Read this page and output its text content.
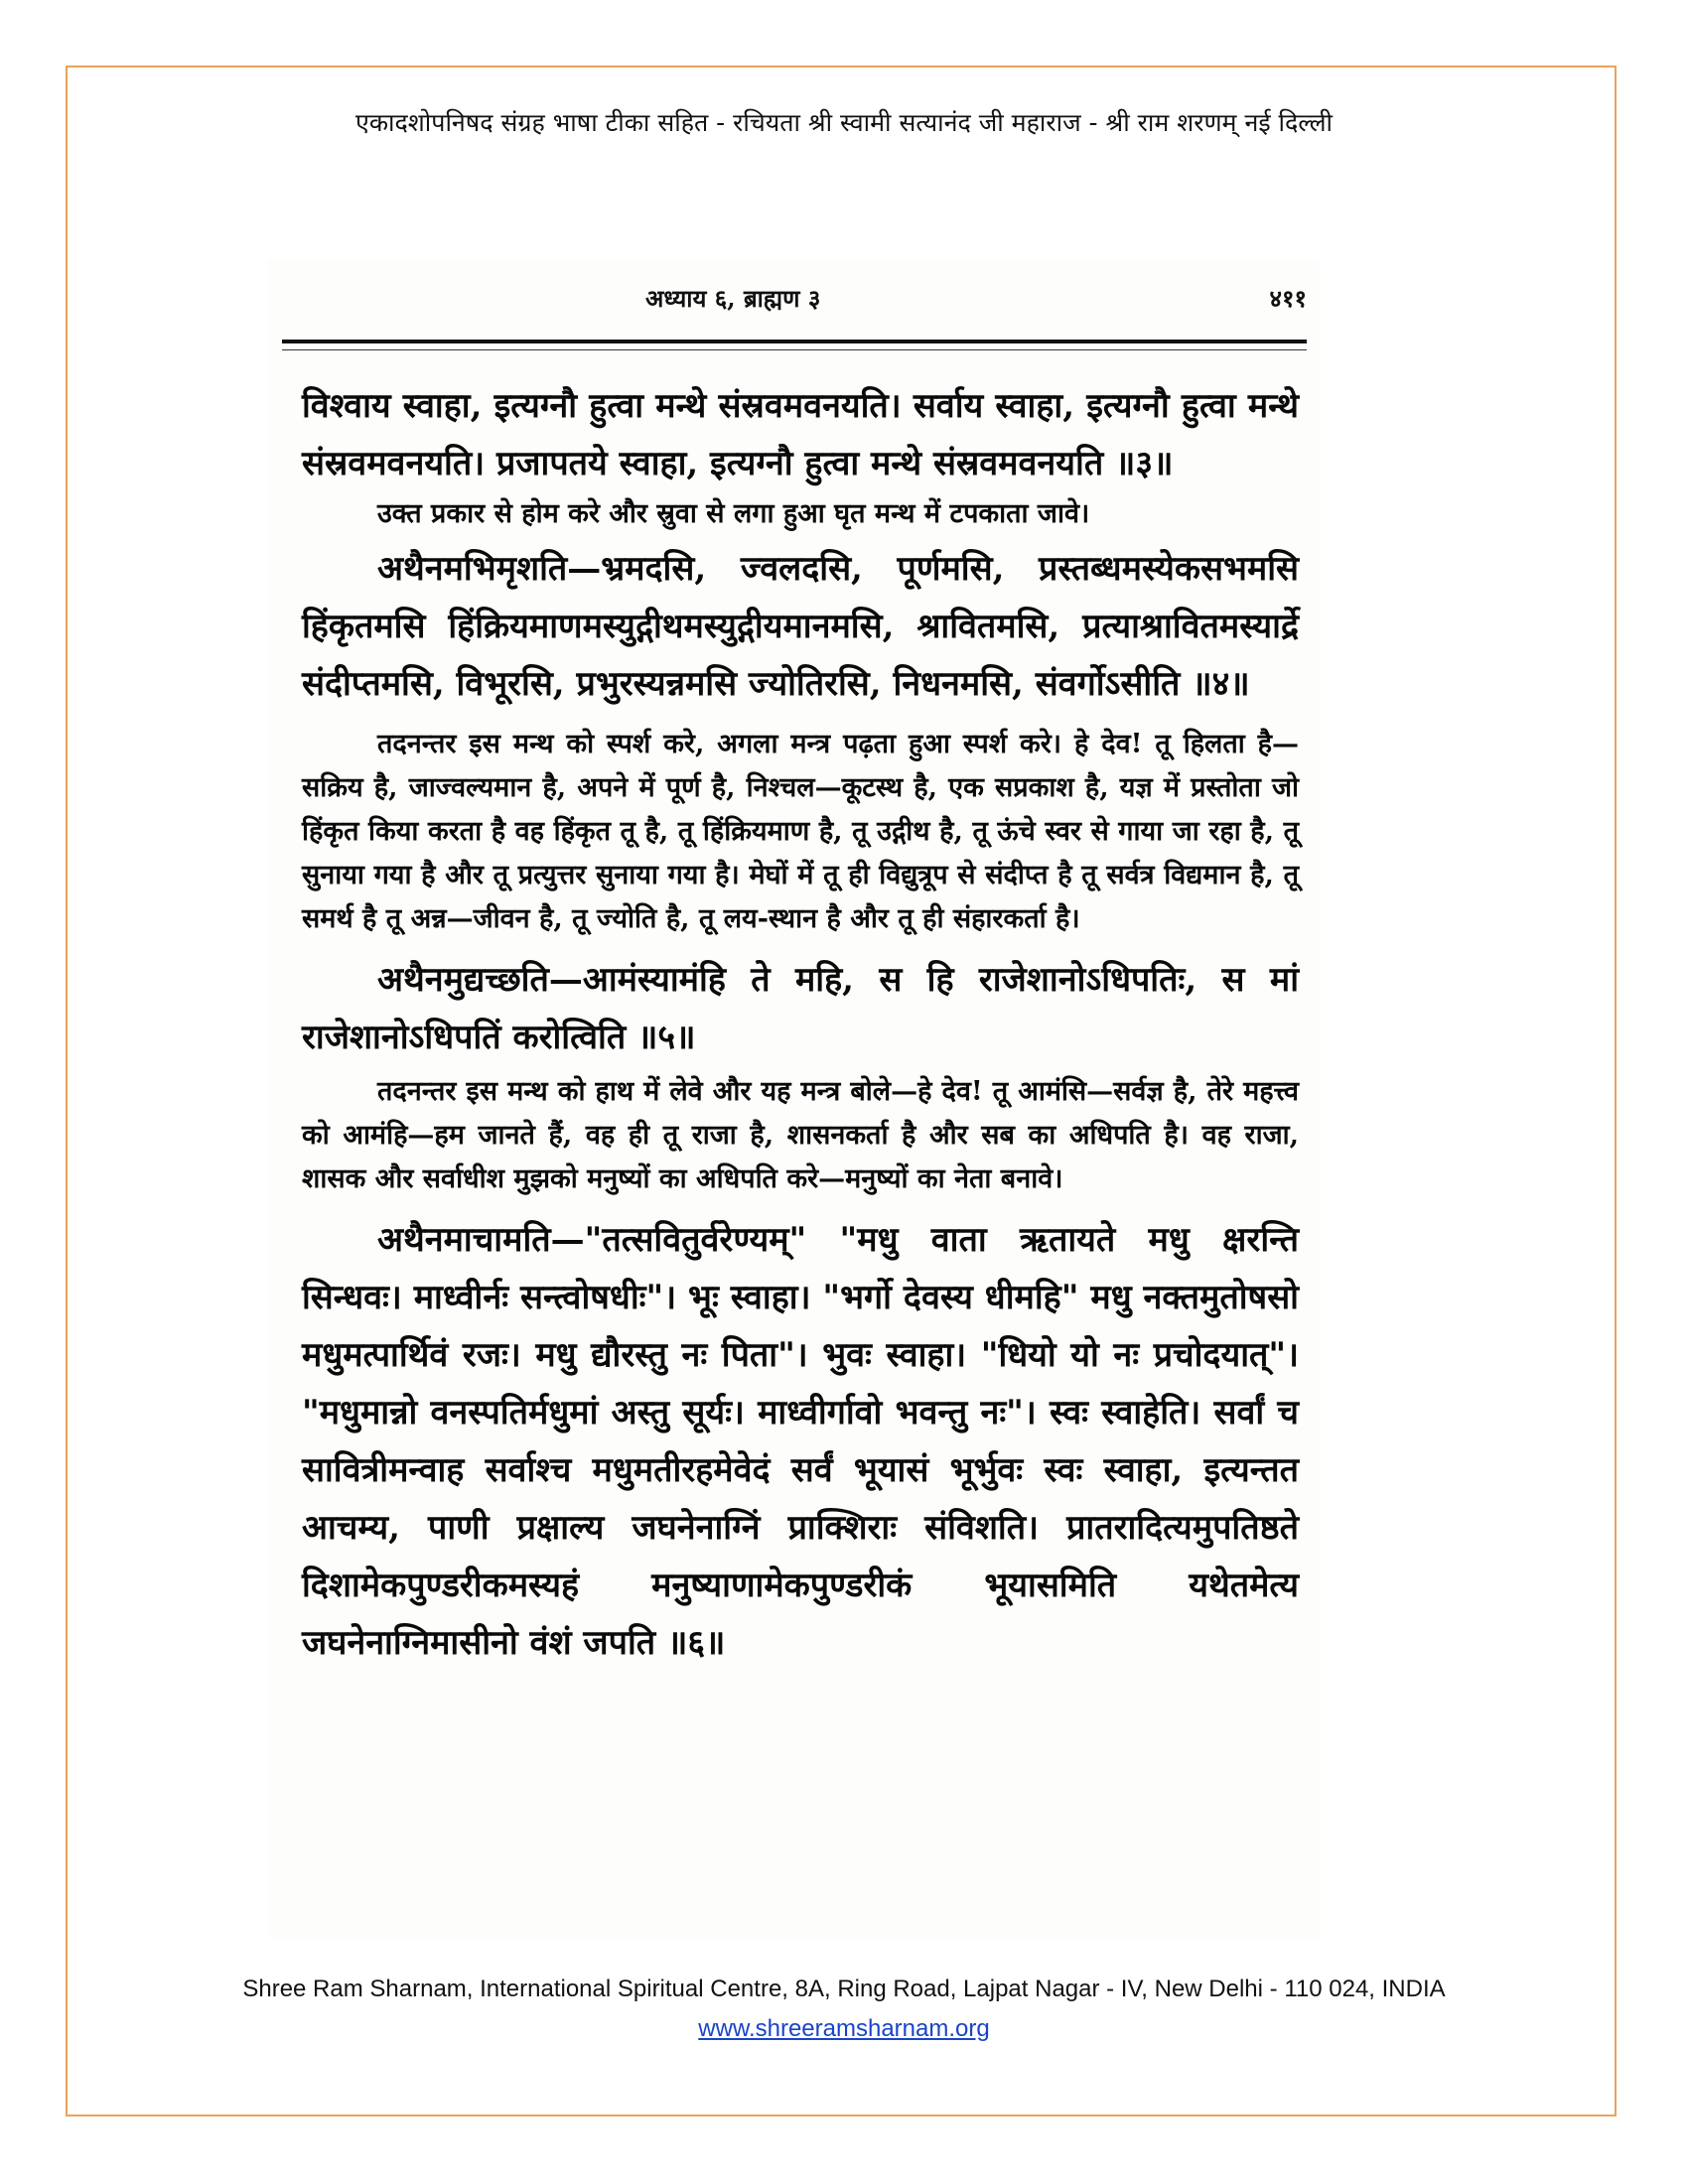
एकादशोपनिषद संग्रह भाषा टीका सहित - रचियता श्री स्वामी सत्यानंद जी महाराज - श्री राम शरणम् नई दिल्ली
अध्याय ६, ब्राह्मण ३	४११

विश्वाय स्वाहा, इत्यग्नौ हुत्वा मन्थे संस्रवमवनयति। सर्वाय स्वाहा, इत्यग्नौ हुत्वा मन्थे संस्रवमवनयति। प्रजापतये स्वाहा, इत्यग्नौ हुत्वा मन्थे संस्रवमवनयति ॥३॥

उक्त प्रकार से होम करे और स्रुवा से लगा हुआ घृत मन्थ में टपकाता जावे।

अथैनमभिमृशति—भ्रमदसि, ज्वलदसि, पूर्णमसि, प्रस्तब्धमस्येकसभमसि हिंकृतमसि हिंक्रियमाणमस्युद्गीथमस्युद्गीयमानमसि, श्रावितमसि, प्रत्याश्रावितमस्यार्द्रे संदीप्तमसि, विभूरसि, प्रभुरस्यन्नमसि ज्योतिरसि, निधनमसि, संवर्गोऽसीति ॥४॥

तदनन्तर इस मन्थ को स्पर्श करे, अगला मन्त्र पढ़ता हुआ स्पर्श करे। हे देव! तू हिलता है—सक्रिय है, जाज्वल्यमान है, अपने में पूर्ण है, निश्चल—कूटस्थ है, एक सप्रकाश है, यज्ञ में प्रस्तोता जो हिंकृत किया करता है वह हिंकृत तू है, तू हिंक्रियमाण है, तू उद्गीथ है, तू ऊंचे स्वर से गाया जा रहा है, तू सुनाया गया है और तू प्रत्युत्तर सुनाया गया है। मेघों में तू ही विद्युत्रूप से संदीप्त है तू सर्वत्र विद्यमान है, तू समर्थ है तू अन्न—जीवन है, तू ज्योति है, तू लय-स्थान है और तू ही संहारकर्ता है।

अथैनमुद्यच्छति—आमंस्यामंहि ते महि, स हि राजेशानोऽधिपतिः, स मां राजेशानोऽधिपतिं करोत्विति ॥५॥

तदनन्तर इस मन्थ को हाथ में लेवे और यह मन्त्र बोले—हे देव! तू आमंसि—सर्वज्ञ है, तेरे महत्त्व को आमंहि—हम जानते हैं, वह ही तू राजा है, शासनकर्ता है और सब का अधिपति है। वह राजा, शासक और सर्वाधीश मुझको मनुष्यों का अधिपति करे—मनुष्यों का नेता बनावे।

अथैनमाचामति—"तत्सवितुर्वरेण्यम्" "मधु वाता ऋतायते मधु क्षरन्ति सिन्धवः। माध्वीर्नः सन्त्वोषधीः"। भूः स्वाहा। "भर्गो देवस्य धीमहि" मधु नक्तमुतोषसो मधुमत्पार्थिवं रजः। मधु द्यौरस्तु नः पिता"। भुवः स्वाहा। "धियो यो नः प्रचोदयात्"। "मधुमान्नो वनस्पतिर्मधुमां अस्तु सूर्यः। माध्वीर्गावो भवन्तु नः"। स्वः स्वाहेति। सर्वां च सावित्रीमन्वाह सर्वाश्च मधुमतीरहमेवेदं सर्वं भूयासं भूर्भुवः स्वः स्वाहा, इत्यन्तत आचम्य, पाणी प्रक्षाल्य जघनेनाग्निं प्राक्शिराः संविशति। प्रातरादित्यमुपतिष्ठते दिशामेकपुण्डरीकमस्यहं मनुष्याणामेकपुण्डरीकं भूयासमिति यथेतमेत्य जघनेनाग्निमासीनो वंशं जपति ॥६॥

Shree Ram Sharnam, International Spiritual Centre, 8A, Ring Road, Lajpat Nagar - IV, New Delhi - 110 024, INDIA
www.shreeramsharnam.org
